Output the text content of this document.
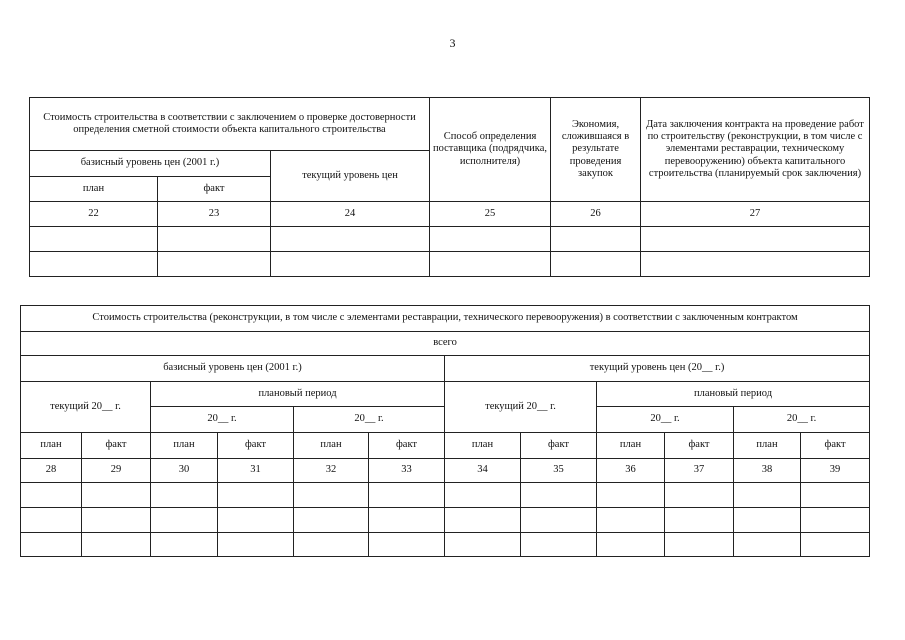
3
Стоимость строительства в соответствии с заключением о проверке достоверности определения сметной стоимости объекта капитального строительства			Способ определения поставщика (подрядчика, исполнителя)	Экономия, сложившаяся в результате проведения закупок	Дата заключения контракта на проведение работ по строительству (реконструкции, в том числе с элементами реставрации, техническому перевооружению) объекта капитального строительства (планируемый срок заключения)
базисный уровень цен (2001 г.)		текущий уровень цен			
план	факт				
22	23	24	25	26	27

Стоимость строительства (реконструкции, в том числе с элементами реставрации, технического перевооружения) в соответствии с заключенным контрактом											
всего											
базисный уровень цен (2001 г.)						текущий уровень цен (20__ г.)					
текущий 20__ г.		плановый период				текущий 20__ г.		плановый период			
		20__ г.		20__ г.				20__ г.		20__ г.	
план	факт	план	факт	план	факт	план	факт	план	факт	план	факт
28	29	30	31	32	33	34	35	36	37	38	39
